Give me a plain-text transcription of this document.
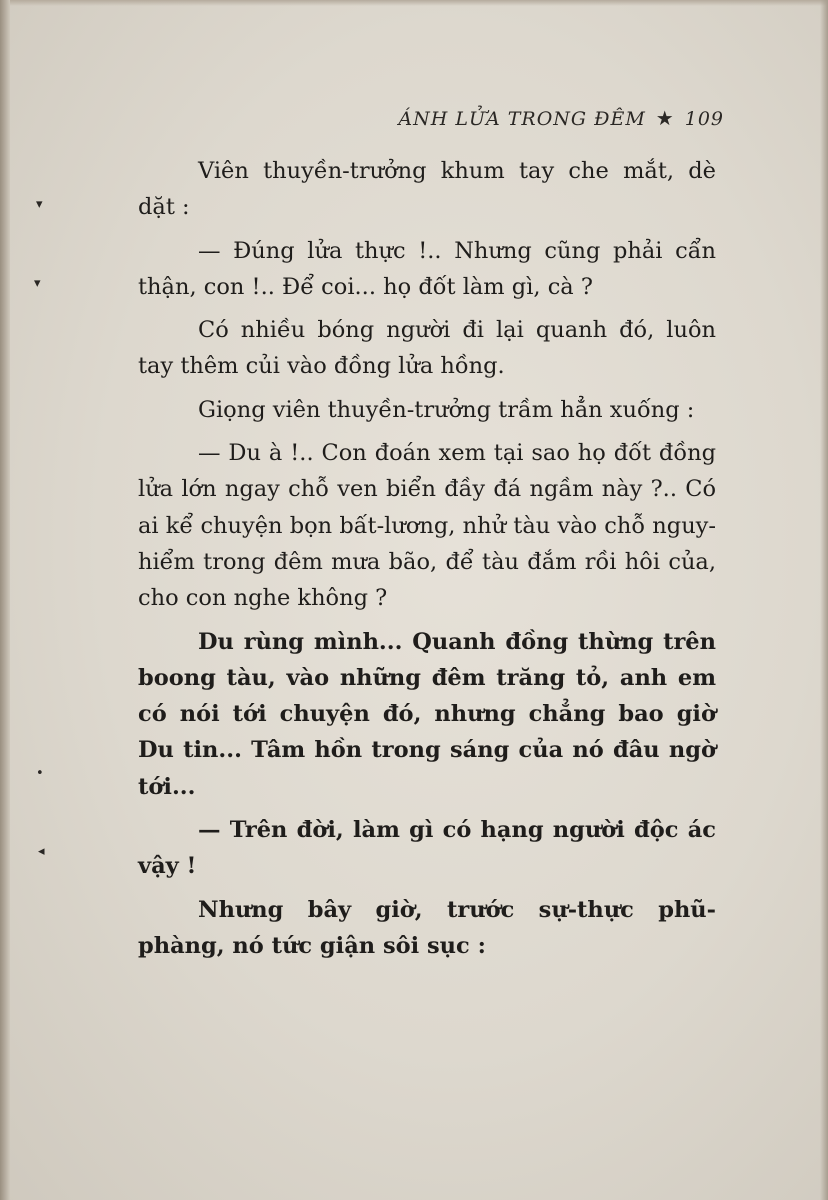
ÁNH LỬA TRONG ĐÊM ★ 109
▾
▾
•
◂

Viên thuyền-trưởng khum tay che mắt, dè dặt :

— Đúng lửa thực !.. Nhưng cũng phải cẩn thận, con !.. Để coi... họ đốt làm gì, cà ?

Có nhiều bóng người đi lại quanh đó, luôn tay thêm củi vào đồng lửa hồng.

Giọng viên thuyền-trưởng trầm hẳn xuống :

— Du à !.. Con đoán xem tại sao họ đốt đồng lửa lớn ngay chỗ ven biển đầy đá ngầm này ?.. Có ai kể chuyện bọn bất-lương, nhử tàu vào chỗ nguy-hiểm trong đêm mưa bão, để tàu đắm rồi hôi của, cho con nghe không ?

Du rùng mình... Quanh đồng thừng trên boong tàu, vào những đêm trăng tỏ, anh em có nói tới chuyện đó, nhưng chẳng bao giờ Du tin... Tâm hồn trong sáng của nó đâu ngờ tới...

— Trên đời, làm gì có hạng người độc ác vậy !

Nhưng bây giờ, trước sự-thực phũ-phàng, nó tức giận sôi sục :
